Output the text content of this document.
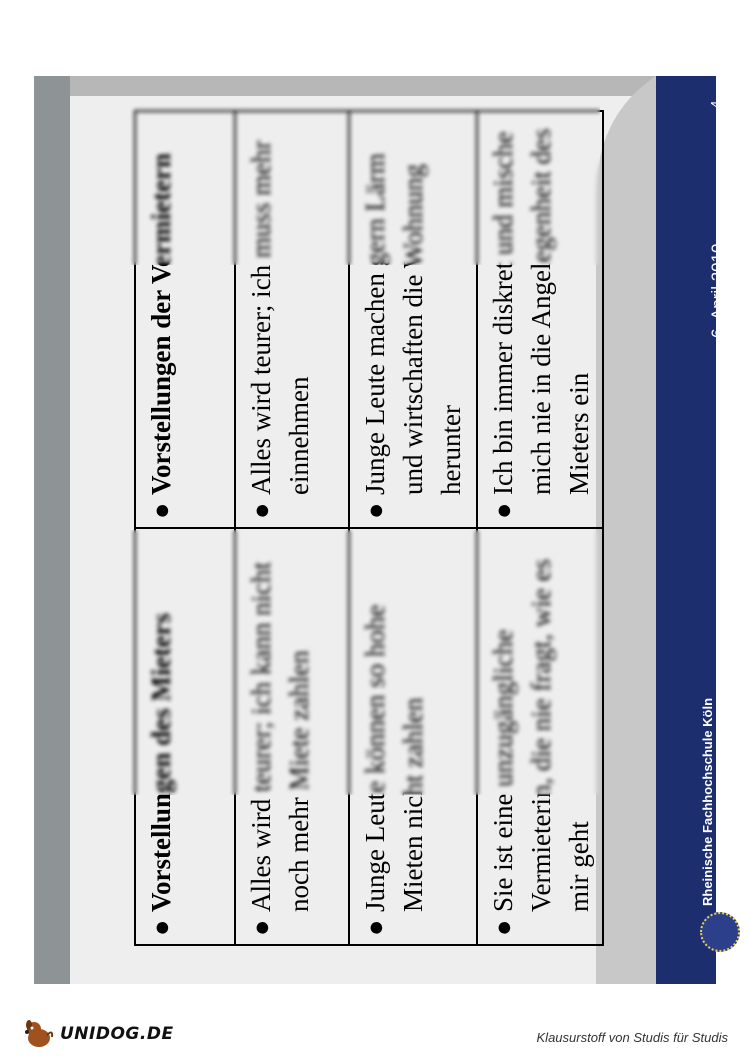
●
Vorstellungen des Mieters	●
Vorstellungen der Vermietern

●
Alles wird teurer; ich kann nicht noch mehr Miete zahlen	●
Alles wird teurer; ich muss mehr einnehmen

●
Junge Leute können so hohe Mieten nicht zahlen	●
Junge Leute machen gern Lärm und wirtschaften die Wohnung herunter

●
Sie ist eine unzugängliche Vermieterin, die nie fragt, wie es mir geht	●
Ich bin immer diskret und mische mich nie in die Angelegenheit des Mieters ein
Rheinische Fachhochschule Köln University of Applied Sciences
6. April 2010
4
UNIDOG.DE	Klausurstoff von Studis für Studis
